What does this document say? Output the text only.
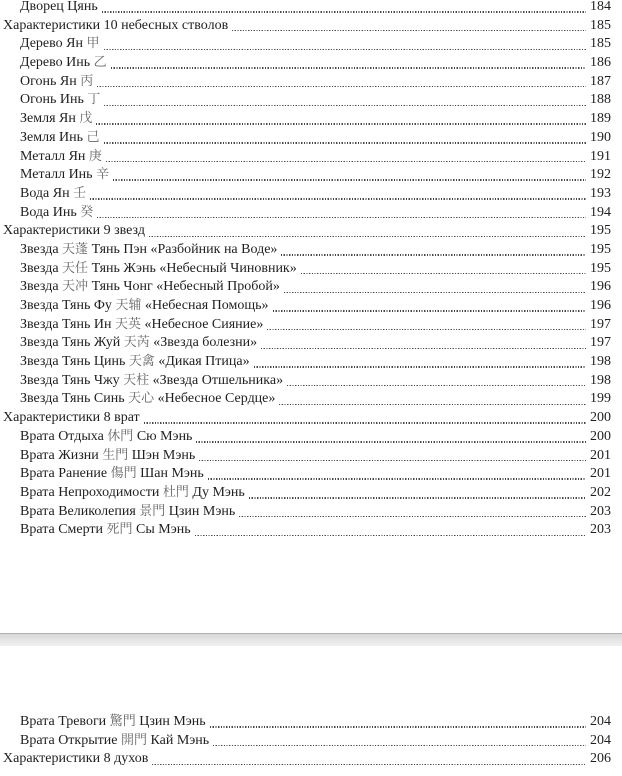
Дворец Цянь	184
Характеристики 10 небесных стволов	185
Дерево Ян 甲	185
Дерево Инь 乙	186
Огонь Ян 丙	187
Огонь Инь 丁	188
Земля Ян 戊	189
Земля Инь 己	190
Металл Ян 庚	191
Металл Инь 辛	192
Вода Ян 壬	193
Вода Инь 癸	194
Характеристики 9 звезд	195
Звезда 天蓬 Тянь Пэн «Разбойник на Воде»	195
Звезда 天任 Тянь Жэнь «Небесный Чиновник»	195
Звезда 天冲 Тянь Чонг «Небесный Пробой»	196
Звезда Тянь Фу 天辅 «Небесная Помощь»	196
Звезда Тянь Ин 天英 «Небесное Сияние»	197
Звезда Тянь Жуй 天芮 «Звезда болезни»	197
Звезда Тянь Цинь 天禽 «Дикая Птица»	198
Звезда Тянь Чжу 天柱 «Звезда Отшельника»	198
Звезда Тянь Синь 天心 «Небесное Сердце»	199
Характеристики 8 врат	200
Врата Отдыха 休門 Сю Мэнь	200
Врата Жизни 生門 Шэн Мэнь	201
Врата Ранение 傷門 Шан Мэнь	201
Врата Непроходимости 杜門 Ду Мэнь	202
Врата Великолепия 景門 Цзин Мэнь	203
Врата Смерти 死門 Сы Мэнь	203
Врата Тревоги 驚門 Цзин Мэнь	204
Врата Открытие 開門 Кай Мэнь	204
Характеристики 8 духов	206
